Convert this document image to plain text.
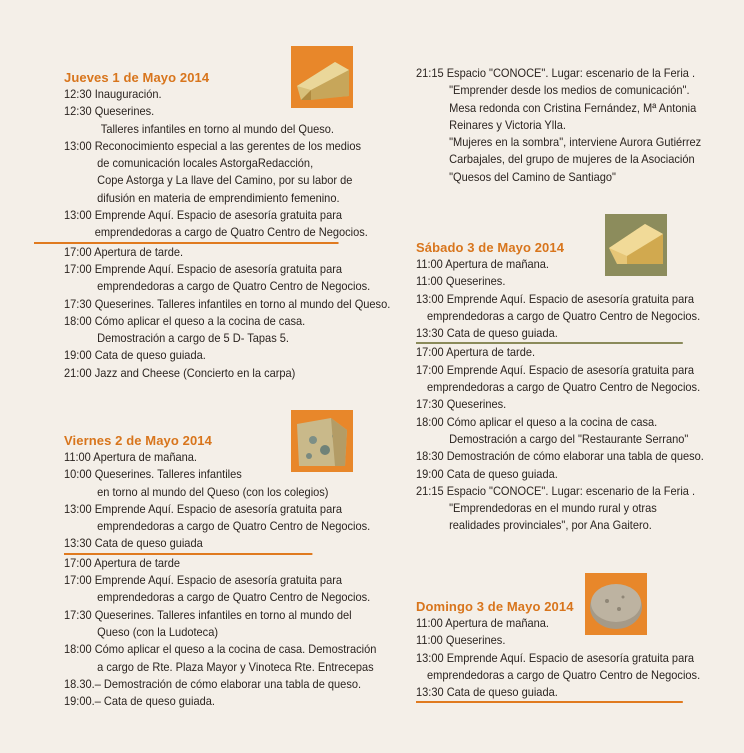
Jueves 1 de Mayo 2014
12:30 Inauguración.
12:30 Queserines.
Talleres infantiles en torno al mundo del Queso.
13:00 Reconocimiento especial a las gerentes de los medios
de comunicación locales AstorgaRedacción,
Cope Astorga y La llave del Camino, por su labor de
difusión en materia de emprendimiento femenino.
13:00 Emprende Aquí. Espacio de asesoría gratuita para
emprendedoras a cargo de Quatro Centro de Negocios.
17:00 Apertura de tarde.
17:00 Emprende Aquí. Espacio de asesoría gratuita para
emprendedoras a cargo de Quatro Centro de Negocios.
17:30 Queserines. Talleres infantiles en torno al mundo del Queso.
18:00 Cómo aplicar el queso a la cocina de casa.
Demostración a cargo de 5 D- Tapas 5.
19:00 Cata de queso guiada.
21:00 Jazz and Cheese (Concierto en la carpa)
Viernes 2 de Mayo 2014
11:00 Apertura de mañana.
10:00 Queserines. Talleres infantiles
en torno al mundo del Queso (con los colegios)
13:00 Emprende Aquí. Espacio de asesoría gratuita para
emprendedoras a cargo de Quatro Centro de Negocios.
13:30 Cata de queso guiada
17:00 Apertura de tarde
17:00 Emprende Aquí. Espacio de asesoría gratuita para
emprendedoras a cargo de Quatro Centro de Negocios.
17:30 Queserines. Talleres infantiles en torno al mundo del
Queso (con la Ludoteca)
18:00 Cómo aplicar el queso a la cocina de casa. Demostración
a cargo de Rte. Plaza Mayor y Vinoteca Rte. Entrecepas
18.30.– Demostración de cómo elaborar una tabla de queso.
19:00.– Cata de queso guiada.
21:15 Espacio "CONOCE". Lugar: escenario de la Feria .
"Emprender desde los medios de comunicación".
Mesa redonda con Cristina Fernández, Mª Antonia
Reinares y Victoria Ylla.
"Mujeres en la sombra", interviene Aurora Gutiérrez
Carbajales, del grupo de mujeres de la Asociación
"Quesos del Camino de Santiago"
Sábado 3 de Mayo 2014
11:00 Apertura de mañana.
11:00 Queserines.
13:00 Emprende Aquí. Espacio de asesoría gratuita para
emprendedoras a cargo de Quatro Centro de Negocios.
13:30 Cata de queso guiada.
17:00 Apertura de tarde.
17:00 Emprende Aquí. Espacio de asesoría gratuita para
emprendedoras a cargo de Quatro Centro de Negocios.
17:30 Queserines.
18:00 Cómo aplicar el queso a la cocina de casa.
Demostración a cargo del "Restaurante Serrano"
18:30 Demostración de cómo elaborar una tabla de queso.
19:00 Cata de queso guiada.
21:15 Espacio "CONOCE". Lugar: escenario de la Feria .
"Emprendedoras en el mundo rural y otras
realidades provinciales", por Ana Gaitero.
Domingo 3 de Mayo 2014
11:00 Apertura de mañana.
11:00 Queserines.
13:00 Emprende Aquí. Espacio de asesoría gratuita para
emprendedoras a cargo de Quatro Centro de Negocios.
13:30 Cata de queso guiada.
